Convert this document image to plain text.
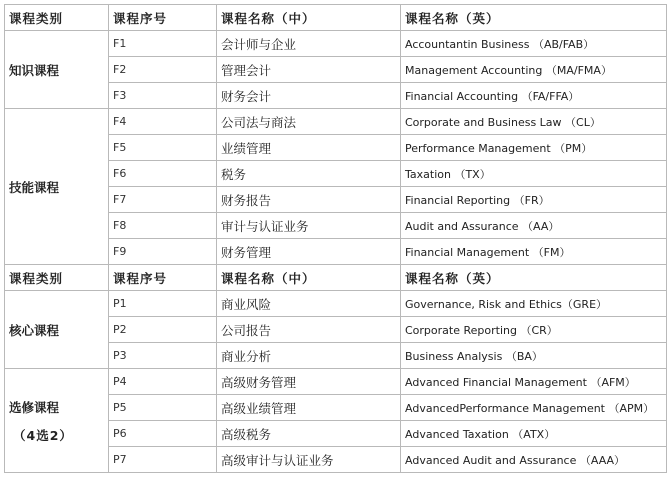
课程类别	课程序号	课程名称（中）	课程名称（英）
知识课程	F1	会计师与企业	Accountantin Business （AB/FAB）
	F2	管理会计	Management Accounting （MA/FMA）
	F3	财务会计	Financial Accounting （FA/FFA）
技能课程	F4	公司法与商法	Corporate and Business Law （CL）
	F5	业绩管理	Performance Management （PM）
	F6	税务	Taxation （TX）
	F7	财务报告	Financial Reporting （FR）
	F8	审计与认证业务	Audit and Assurance （AA）
	F9	财务管理	Financial Management （FM）
课程类别	课程序号	课程名称（中）	课程名称（英）
核心课程	P1	商业风险	Governance, Risk and Ethics（GRE）
	P2	公司报告	Corporate Reporting （CR）
	P3	商业分析	Business Analysis （BA）
选修课程
（4选2）	P4	高级财务管理	Advanced Financial Management （AFM）
	P5	高级业绩管理	AdvancedPerformance Management （APM）
	P6	高级税务	Advanced Taxation （ATX）
	P7	高级审计与认证业务	Advanced Audit and Assurance （AAA）
